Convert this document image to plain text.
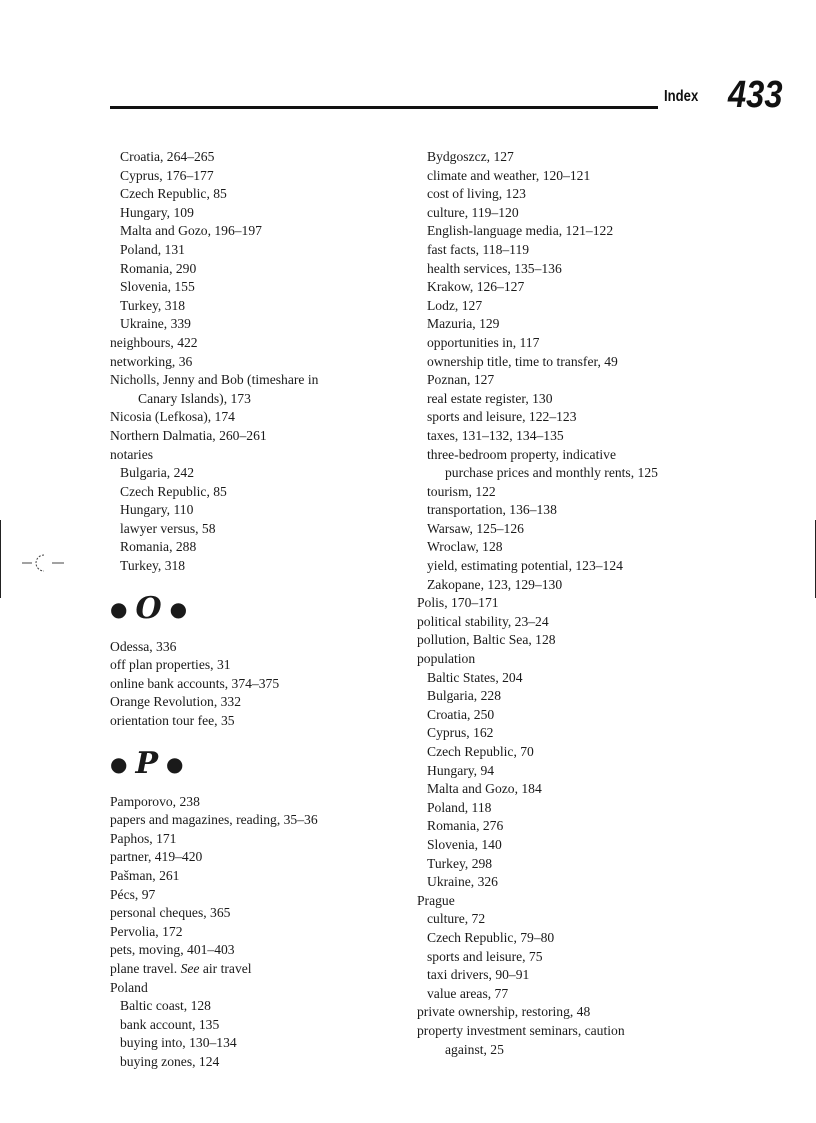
Index 433
Croatia, 264–265
Cyprus, 176–177
Czech Republic, 85
Hungary, 109
Malta and Gozo, 196–197
Poland, 131
Romania, 290
Slovenia, 155
Turkey, 318
Ukraine, 339
neighbours, 422
networking, 36
Nicholls, Jenny and Bob (timeshare in
Canary Islands), 173
Nicosia (Lefkosa), 174
Northern Dalmatia, 260–261
notaries
Bulgaria, 242
Czech Republic, 85
Hungary, 110
lawyer versus, 58
Romania, 288
Turkey, 318
● O ●
Odessa, 336
off plan properties, 31
online bank accounts, 374–375
Orange Revolution, 332
orientation tour fee, 35
● P ●
Pamporovo, 238
papers and magazines, reading, 35–36
Paphos, 171
partner, 419–420
Pašman, 261
Pécs, 97
personal cheques, 365
Pervolia, 172
pets, moving, 401–403
plane travel. See air travel
Poland
Baltic coast, 128
bank account, 135
buying into, 130–134
buying zones, 124
Bydgoszcz, 127
climate and weather, 120–121
cost of living, 123
culture, 119–120
English-language media, 121–122
fast facts, 118–119
health services, 135–136
Krakow, 126–127
Lodz, 127
Mazuria, 129
opportunities in, 117
ownership title, time to transfer, 49
Poznan, 127
real estate register, 130
sports and leisure, 122–123
taxes, 131–132, 134–135
three-bedroom property, indicative
purchase prices and monthly rents, 125
tourism, 122
transportation, 136–138
Warsaw, 125–126
Wroclaw, 128
yield, estimating potential, 123–124
Zakopane, 123, 129–130
Polis, 170–171
political stability, 23–24
pollution, Baltic Sea, 128
population
Baltic States, 204
Bulgaria, 228
Croatia, 250
Cyprus, 162
Czech Republic, 70
Hungary, 94
Malta and Gozo, 184
Poland, 118
Romania, 276
Slovenia, 140
Turkey, 298
Ukraine, 326
Prague
culture, 72
Czech Republic, 79–80
sports and leisure, 75
taxi drivers, 90–91
value areas, 77
private ownership, restoring, 48
property investment seminars, caution
against, 25
